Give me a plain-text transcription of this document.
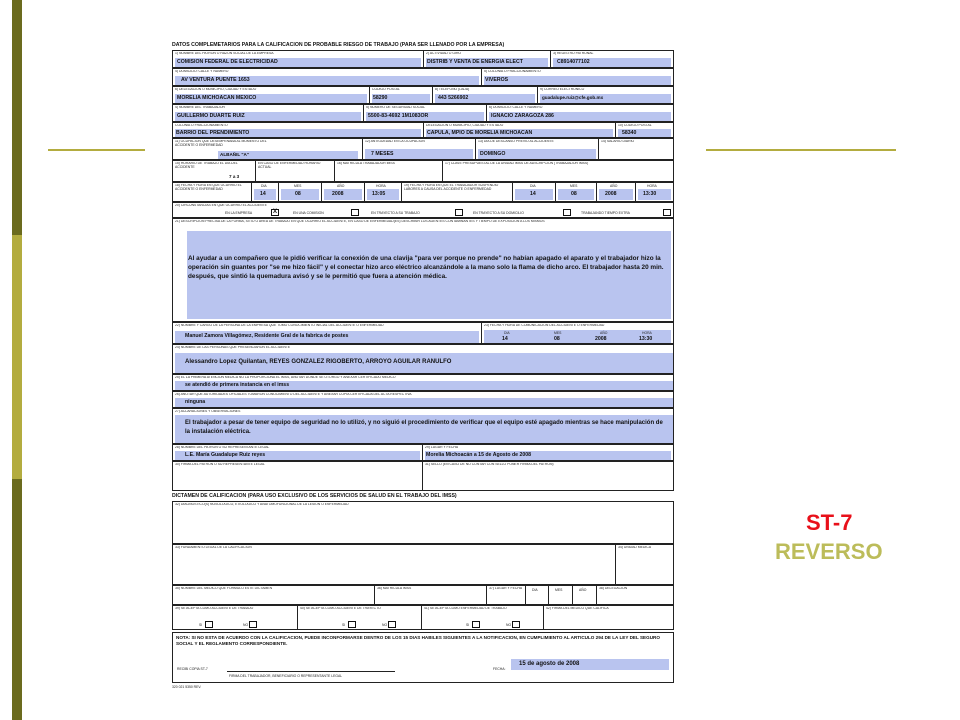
ST-7
REVERSO
DATOS COMPLEMETARIOS PARA LA CALIFICACION DE PROBABLE RIESGO DE TRABAJO (PARA SER LLENADO POR LA EMPRESA)
1) NOMBRE DEL PATRON O RAZON SOCIAL DE LA EMPRESA
COMISION FEDERAL DE ELECTRICIDAD
2) ACTIVIDAD O GIRO
DISTRIB Y VENTA DE ENERGIA ELECT
3) REGISTRO PATRONAL
C8914077102
4) DOMICILIO: CALLE Y NUMERO
AV VENTURA PUENTE 1653
5) COLONIA O FRACCIONAMIENTO
VIVEROS
6) DELEGACION O MUNICIPIO, CIUDAD Y ESTADO
MORELIA MICHOACAN MEXICO
CODIGO POSTAL
58290
8) TELEFONO (LADA)
443 5266902
9) CORREO ELECTRONICO
guadalupe.ruiz@cfe.gob.mx
4) NOMBRE DEL TRABAJADOR
GUILLERMO DUARTE RUIZ
5) NUMERO DE SEGURIDAD SOCIAL
5500-83-4692 1M1083OR
6) DOMICILIO: CALLE Y NUMERO
IGNACIO ZARAGOZA 286
COLONIA O FRACCIONAMIENTO
BARRIO DEL PRENDIMIENTO
DELEGACION O MUNICIPIO, CIUDAD Y ESTADO
CAPULA, MPIO DE MORELIA MICHOACAN
10) CODIGO POSTAL
58340
11) OCUPACION QUE DESEMPEÑABA AL MOMENTO DEL ACCIDENTE O ENFERMEDAD
ALBAÑIL "A"
12) ANTIGÜEDAD EN LA OCUPACION
7 MESES
13) DIA DE DESCANSO PREVIO AL ACCIDENTE
DOMINGO
14) SALARIO DIARIO
15) HORARIO DE TRABAJO EL DIA DEL ACCIDENTE
7 a 3
EN CASO DE ENFERMEDAD HORARIO ACTUAL
16) MATRICULA TRABAJADOR IMSS	17) CLAVE PRESUPUESTAL DE LA UNIDAD IMSS DE ADSCRIPCION (TRABAJADOR IMSS)
18) FECHA Y HORA EN QUE OCURRIO EL ACCIDENTE O ENFERMEDAD
DIA
14
MES
08
AÑO
2008
HORA
13:05
19) FECHA Y HORA EN QUE EL TRABAJADOR SUSPENDIO LABORES A CAUSA DEL ACCIDENTE O ENFERMEDAD
DIA
14
MES
08
AÑO
2008
HORA
13:30
20) CIRCUNSTANCIAS EN QUE OCURRIO EL ACCIDENTE
EN LA EMPRESA	X	EN UNA COMISION	EN TRAYECTO A SU TRABAJO	EN TRAYECTO A SU DOMICILIO	TRABAJANDO TIEMPO EXTRA
21) DESCRIPCION PRECISA DE LA FORMA, SITIO O AREA DE TRABAJO EN QUE OCURRIO EL ACCIDENTE, EN CASO DE ENFERMEDAD(ES) DESCRIBIR LOS AGENTES CONTAMINANTES Y TIEMPO DE EXPOSICION A LOS MISMOS
Al ayudar a un compañero que le pidió verificar la conexión de una clavija "para ver porque no prende" no habían apagado el aparato y el trabajador hizo la operación sin guantes por "se me hizo fácil" y el conectar hizo arco eléctrico alcanzándole a la mano solo la flama de dicho arco. El trabajador hasta 20 min. después, que sintió la quemadura avisó y se le permitió que fuera a atención médica.
22) NOMBRE Y CARGO DE LA PERSONA DE LA EMPRESA QUE TOMO CONOCIMIENTO INICIAL DEL ACCIDENTE O ENFERMEDAD
Manuel Zamora Villagómez, Residente Gral de la fabrica de postes
23) FECHA Y HORA DE COMUNICACION DEL ACCIDENTE O ENFERMEDAD
DIA	MES	AÑO	HORA
14	08	2008	13:30
24) NOMBRE DE LAS PERSONAS QUE PRESENCIARON EL ACCIDENTE
Alessandro Lopez Quilantan, REYES GONZALEZ RIGOBERTO, ARROYO AGUILAR RANULFO
25) EL LA PRIMERA ATENCION MEDICA NO LA PROPORCIONA EL IMSS, ANOTAR DONDE SE OTORGO Y ANEXAR CERTIFICADO MEDICO
se atendió de primera instancia en el imss
26) ANOTAR QUE AUTORIDADES OFICIALES TOMARON CONOCIMIENTO DEL ACCIDENTE Y ANEXAR COPIA CERTIFICADA DEL ACTA RESPECTIVA
ninguna
27) ACLARACIONES Y OBSERVACIONES
El trabajador a pesar de tener equipo de seguridad no lo utilizó, y no siguió el procedimiento de verificar que el equipo esté apagado mientras se hace manipulación de la instalación eléctrica.
28) NOMBRE DEL PATRON O SU REPRESENTANTE LEGAL
L.E. María Guadalupe Ruiz reyes
29) LUGAR Y FECHA
Morelia Michoacán a 15 de Agosto de 2008
30) FIRMA DEL PATRON O SU REPRESENTANTE LEGAL	31) SELLO (EN CASO DE NO CONTAR CON SELLO PONER FIRMA DEL PATRON)
DICTAMEN DE CALIFICACION (PARA USO EXCLUSIVO DE LOS SERVICIOS DE SALUD EN EL TRABAJO DEL IMSS)
32) DIAGNOSTICO(S) NOSOLOGICO, ETIOLOGICO Y ANATOMOFUNCIONAL DE LA LESION O ENFERMEDAD
33) FUNDAMENTO LEGAL DE LA CALIFICACION	34) UNIDAD MEDICA
35) NOMBRE DEL MEDICO QUE FORMULO ESTE DICTAMEN	36) MATRICULA IMSS	37) LUGAR Y FECHA	DIA	MES	AÑO	38) DELEGACION
39) SE ACEPTA COMO ACCIDENTE DE TRABAJO
SI	NO
40) SE ACEPTA COMO ACCIDENTE DE TRAYECTO
SI	NO
41) SE ACEPTA COMO ENFERMEDAD DE TRABAJO
SI	NO
42) FIRMA DEL MEDICO QUE CALIFICA
NOTA: SI NO ESTA DE ACUERDO CON LA CALIFICACION, PUEDE INCONFORMARSE DENTRO DE LOS 15 DIAS HABILES SIGUIENTES A LA NOTIFICACION, EN CUMPLIMIENTO AL ARTICULO 294 DE LA LEY DEL SEGURO SOCIAL Y EL REGLAMENTO CORRESPONDIENTE.
RECIBI COPIA ST-7
FIRMA DEL TRABAJADOR, BENEFICIARIO O REPRESENTANTE LEGAL
FECHA:
15 de agosto de 2008
320 021 5350 REV.
